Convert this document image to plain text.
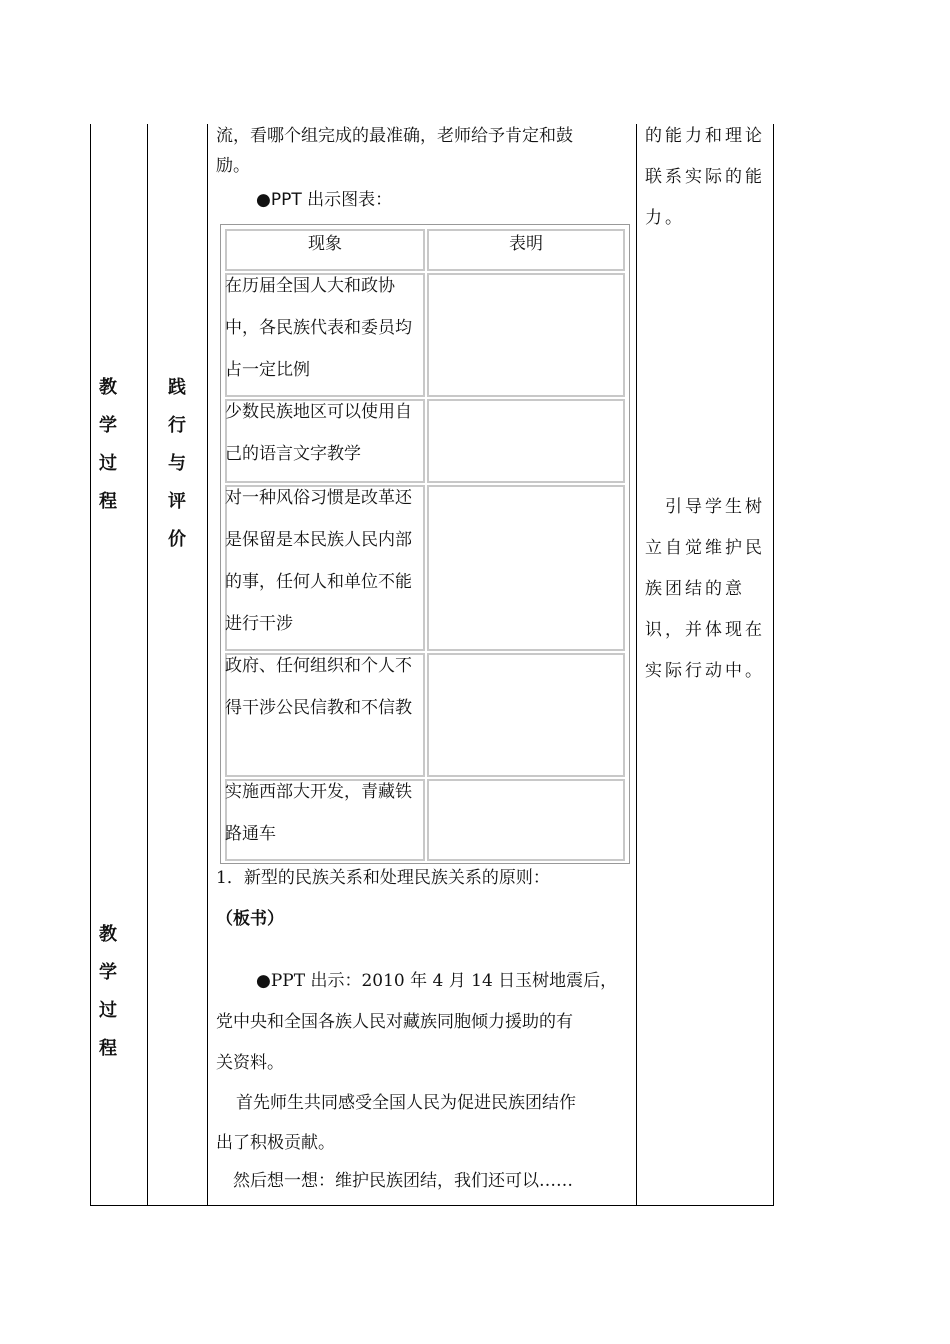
教
学
过
程
教
学
过
程
践
行
与
评
价
流，看哪个组完成的最准确，老师给予肯定和鼓
励。
●PPT 出示图表：
现象	表明
在历届全国人大和政协中，各民族代表和委员均占一定比例
少数民族地区可以使用自己的语言文字教学
对一种风俗习惯是改革还是保留是本民族人民内部的事，任何人和单位不能进行干涉
政府、任何组织和个人不得干涉公民信教和不信教
实施西部大开发，青藏铁路通车
1．新型的民族关系和处理民族关系的原则：
（板书）
●PPT 出示：2010 年 4 月 14 日玉树地震后，
党中央和全国各族人民对藏族同胞倾力援助的有
关资料。
首先师生共同感受全国人民为促进民族团结作
出了积极贡献。
然后想一想：维护民族团结，我们还可以……
的能力和理论联系实际的能力。
　引导学生树立自觉维护民族团结的意识，并体现在实际行动中。
